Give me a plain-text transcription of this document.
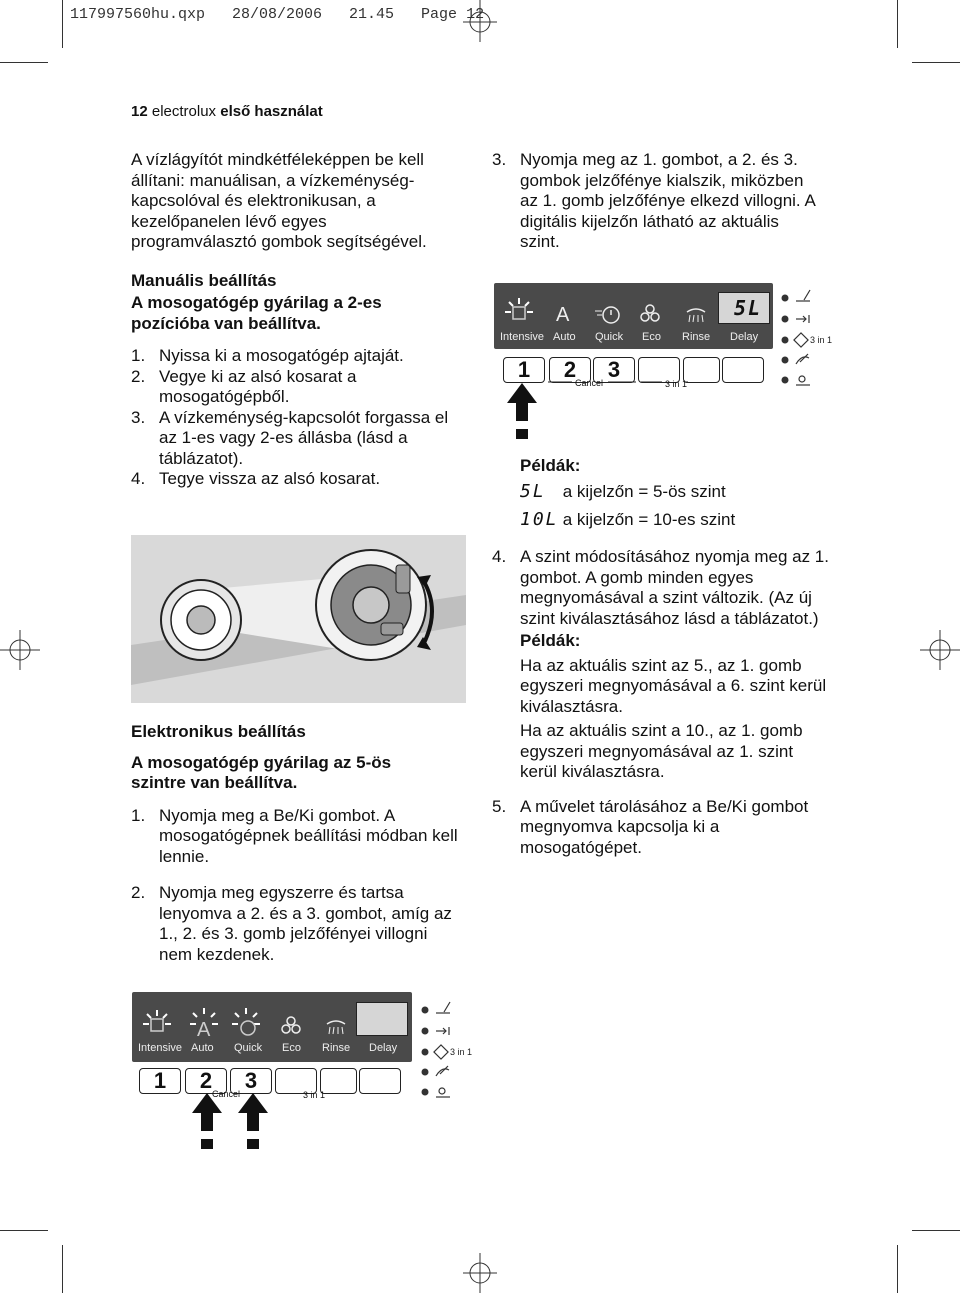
117997560hu.qxp   28/08/2006   21.45   Page 12
12 electrolux első használat

A vízlágyítót mindkétféleképpen be kell állítani: manuálisan, a vízkeménység-kapcsolóval és elektronikusan, a kezelőpanelen lévő egyes programválasztó gombok segítségével.

Manuális beállítás
A mosogatógép gyárilag a 2-es pozícióba van beállítva.
1. Nyissa ki a mosogatógép ajtaját.
2. Vegye ki az alsó kosarat a mosogatógépből.
3. A vízkeménység-kapcsolót forgassa el az 1-es vagy 2-es állásba (lásd a táblázatot).
4. Tegye vissza az alsó kosarat.
Elektronikus beállítás
A mosogatógép gyárilag az 5-ös szintre van beállítva.
1. Nyomja meg a Be/Ki gombot. A mosogatógépnek beállítási módban kell lennie.
2. Nyomja meg egyszerre és tartsa lenyomva a 2. és a 3. gombot, amíg az 1., 2. és 3. gomb jelzőfényei villogni nem kezdenek.
3. Nyomja meg az 1. gombot, a 2. és 3. gombok jelzőfénye kialszik, miközben az 1. gomb jelzőfénye elkezd villogni. A digitális kijelzőn látható az aktuális szint.
Intensive Auto Quick Eco Rinse Delay
A	5L
1	2	3
Cancel	3 in 1
3 in 1
Példák:
5L a kijelzőn = 5-ös szint
10L a kijelzőn = 10-es szint
4. A szint módosításához nyomja meg az 1. gombot. A gomb minden egyes megnyomásával a szint változik. (Az új szint kiválasztásához lásd a táblázatot.)
Példák:
Ha az aktuális szint az 5., az 1. gomb egyszeri megnyomásával a 6. szint kerül kiválasztásra.
Ha az aktuális szint a 10., az 1. gomb egyszeri megnyomásával az 1. szint kerül kiválasztásra.
5. A művelet tárolásához a Be/Ki gombot megnyomva kapcsolja ki a mosogatógépet.
Intensive Auto Quick Eco Rinse Delay
A
1	2	3
Cancel	3 in 1
3 in 1
